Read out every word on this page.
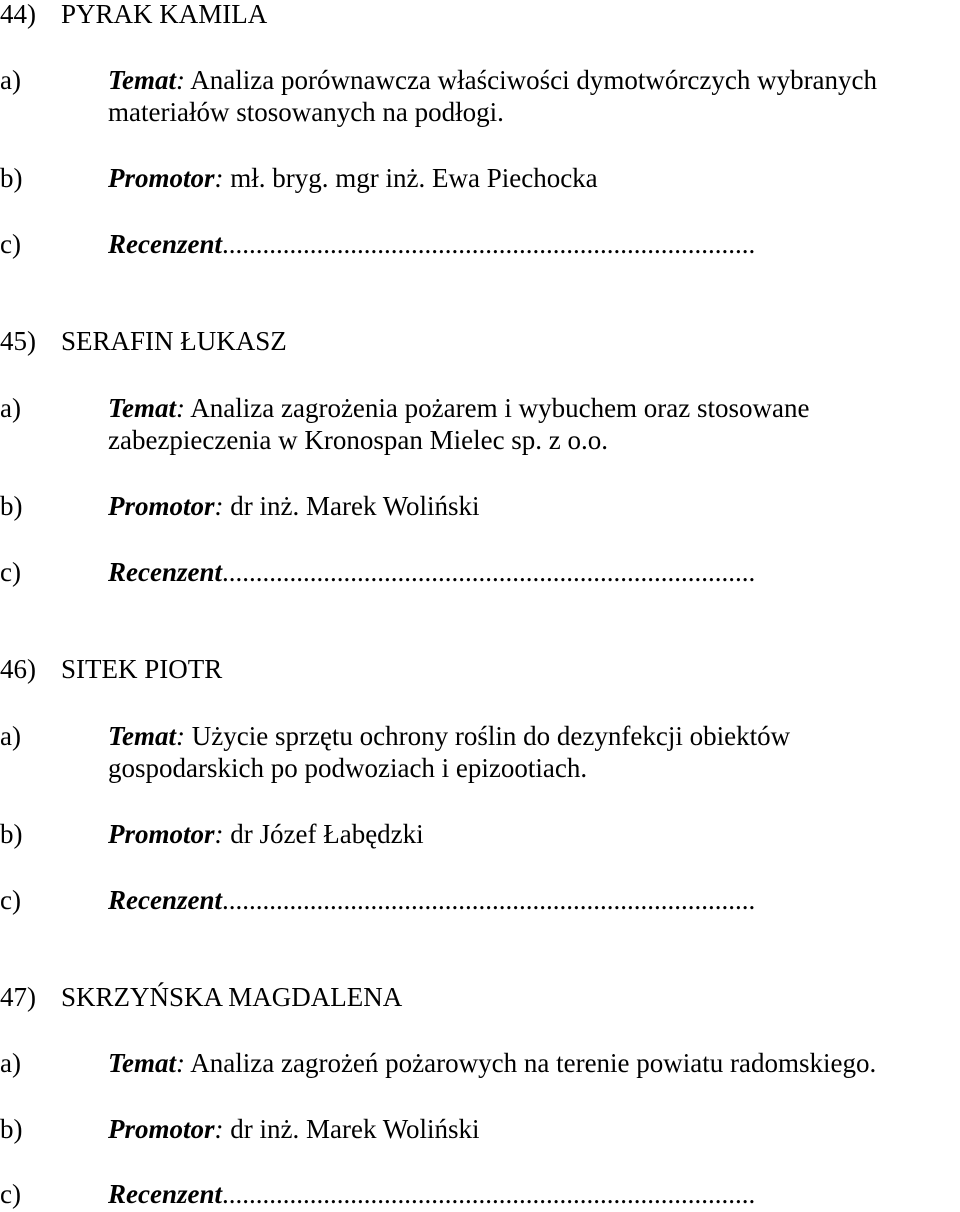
44) PYRAK KAMILA
a)	Temat: Analiza porównawcza właściwości dymotwórczych wybranych
materiałów stosowanych na podłogi.
b)	Promotor: mł. bryg. mgr inż. Ewa Piechocka
c)	Recenzent...............................................................................
45) SERAFIN ŁUKASZ
a)	Temat: Analiza zagrożenia pożarem i wybuchem oraz stosowane
zabezpieczenia w Kronospan Mielec sp. z o.o.
b)	Promotor: dr inż. Marek Woliński
c)	Recenzent...............................................................................
46) SITEK PIOTR
a)	Temat: Użycie sprzętu ochrony roślin do dezynfekcji obiektów
gospodarskich po podwoziach i epizootiach.
b)	Promotor: dr Józef Łabędzki
c)	Recenzent...............................................................................
47) SKRZYŃSKA MAGDALENA
a)	Temat: Analiza zagrożeń pożarowych na terenie powiatu radomskiego.
b)	Promotor: dr inż. Marek Woliński
c)	Recenzent...............................................................................
